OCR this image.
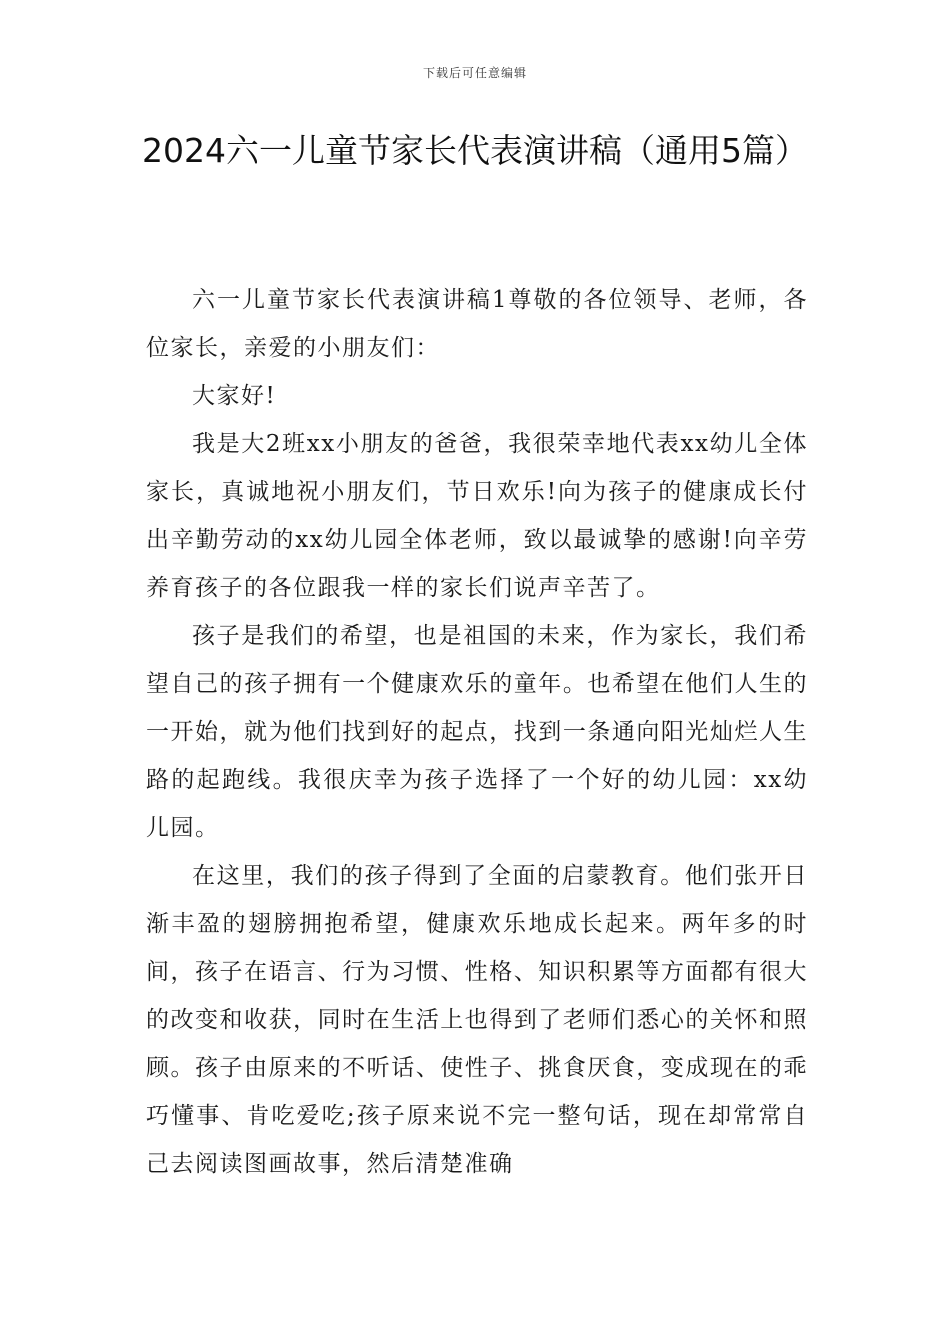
下载后可任意编辑
2024六一儿童节家长代表演讲稿（通用5篇）

六一儿童节家长代表演讲稿1尊敬的各位领导、老师，各位家长，亲爱的小朋友们：

大家好!

我是大2班xx小朋友的爸爸，我很荣幸地代表xx幼儿全体家长，真诚地祝小朋友们，节日欢乐!向为孩子的健康成长付出辛勤劳动的xx幼儿园全体老师，致以最诚挚的感谢!向辛劳养育孩子的各位跟我一样的家长们说声辛苦了。

孩子是我们的希望，也是祖国的未来，作为家长，我们希望自己的孩子拥有一个健康欢乐的童年。也希望在他们人生的一开始，就为他们找到好的起点，找到一条通向阳光灿烂人生路的起跑线。我很庆幸为孩子选择了一个好的幼儿园：xx幼儿园。

在这里，我们的孩子得到了全面的启蒙教育。他们张开日渐丰盈的翅膀拥抱希望，健康欢乐地成长起来。两年多的时间，孩子在语言、行为习惯、性格、知识积累等方面都有很大的改变和收获，同时在生活上也得到了老师们悉心的关怀和照顾。孩子由原来的不听话、使性子、挑食厌食，变成现在的乖巧懂事、肯吃爱吃;孩子原来说不完一整句话，现在却常常自己去阅读图画故事，然后清楚准确
